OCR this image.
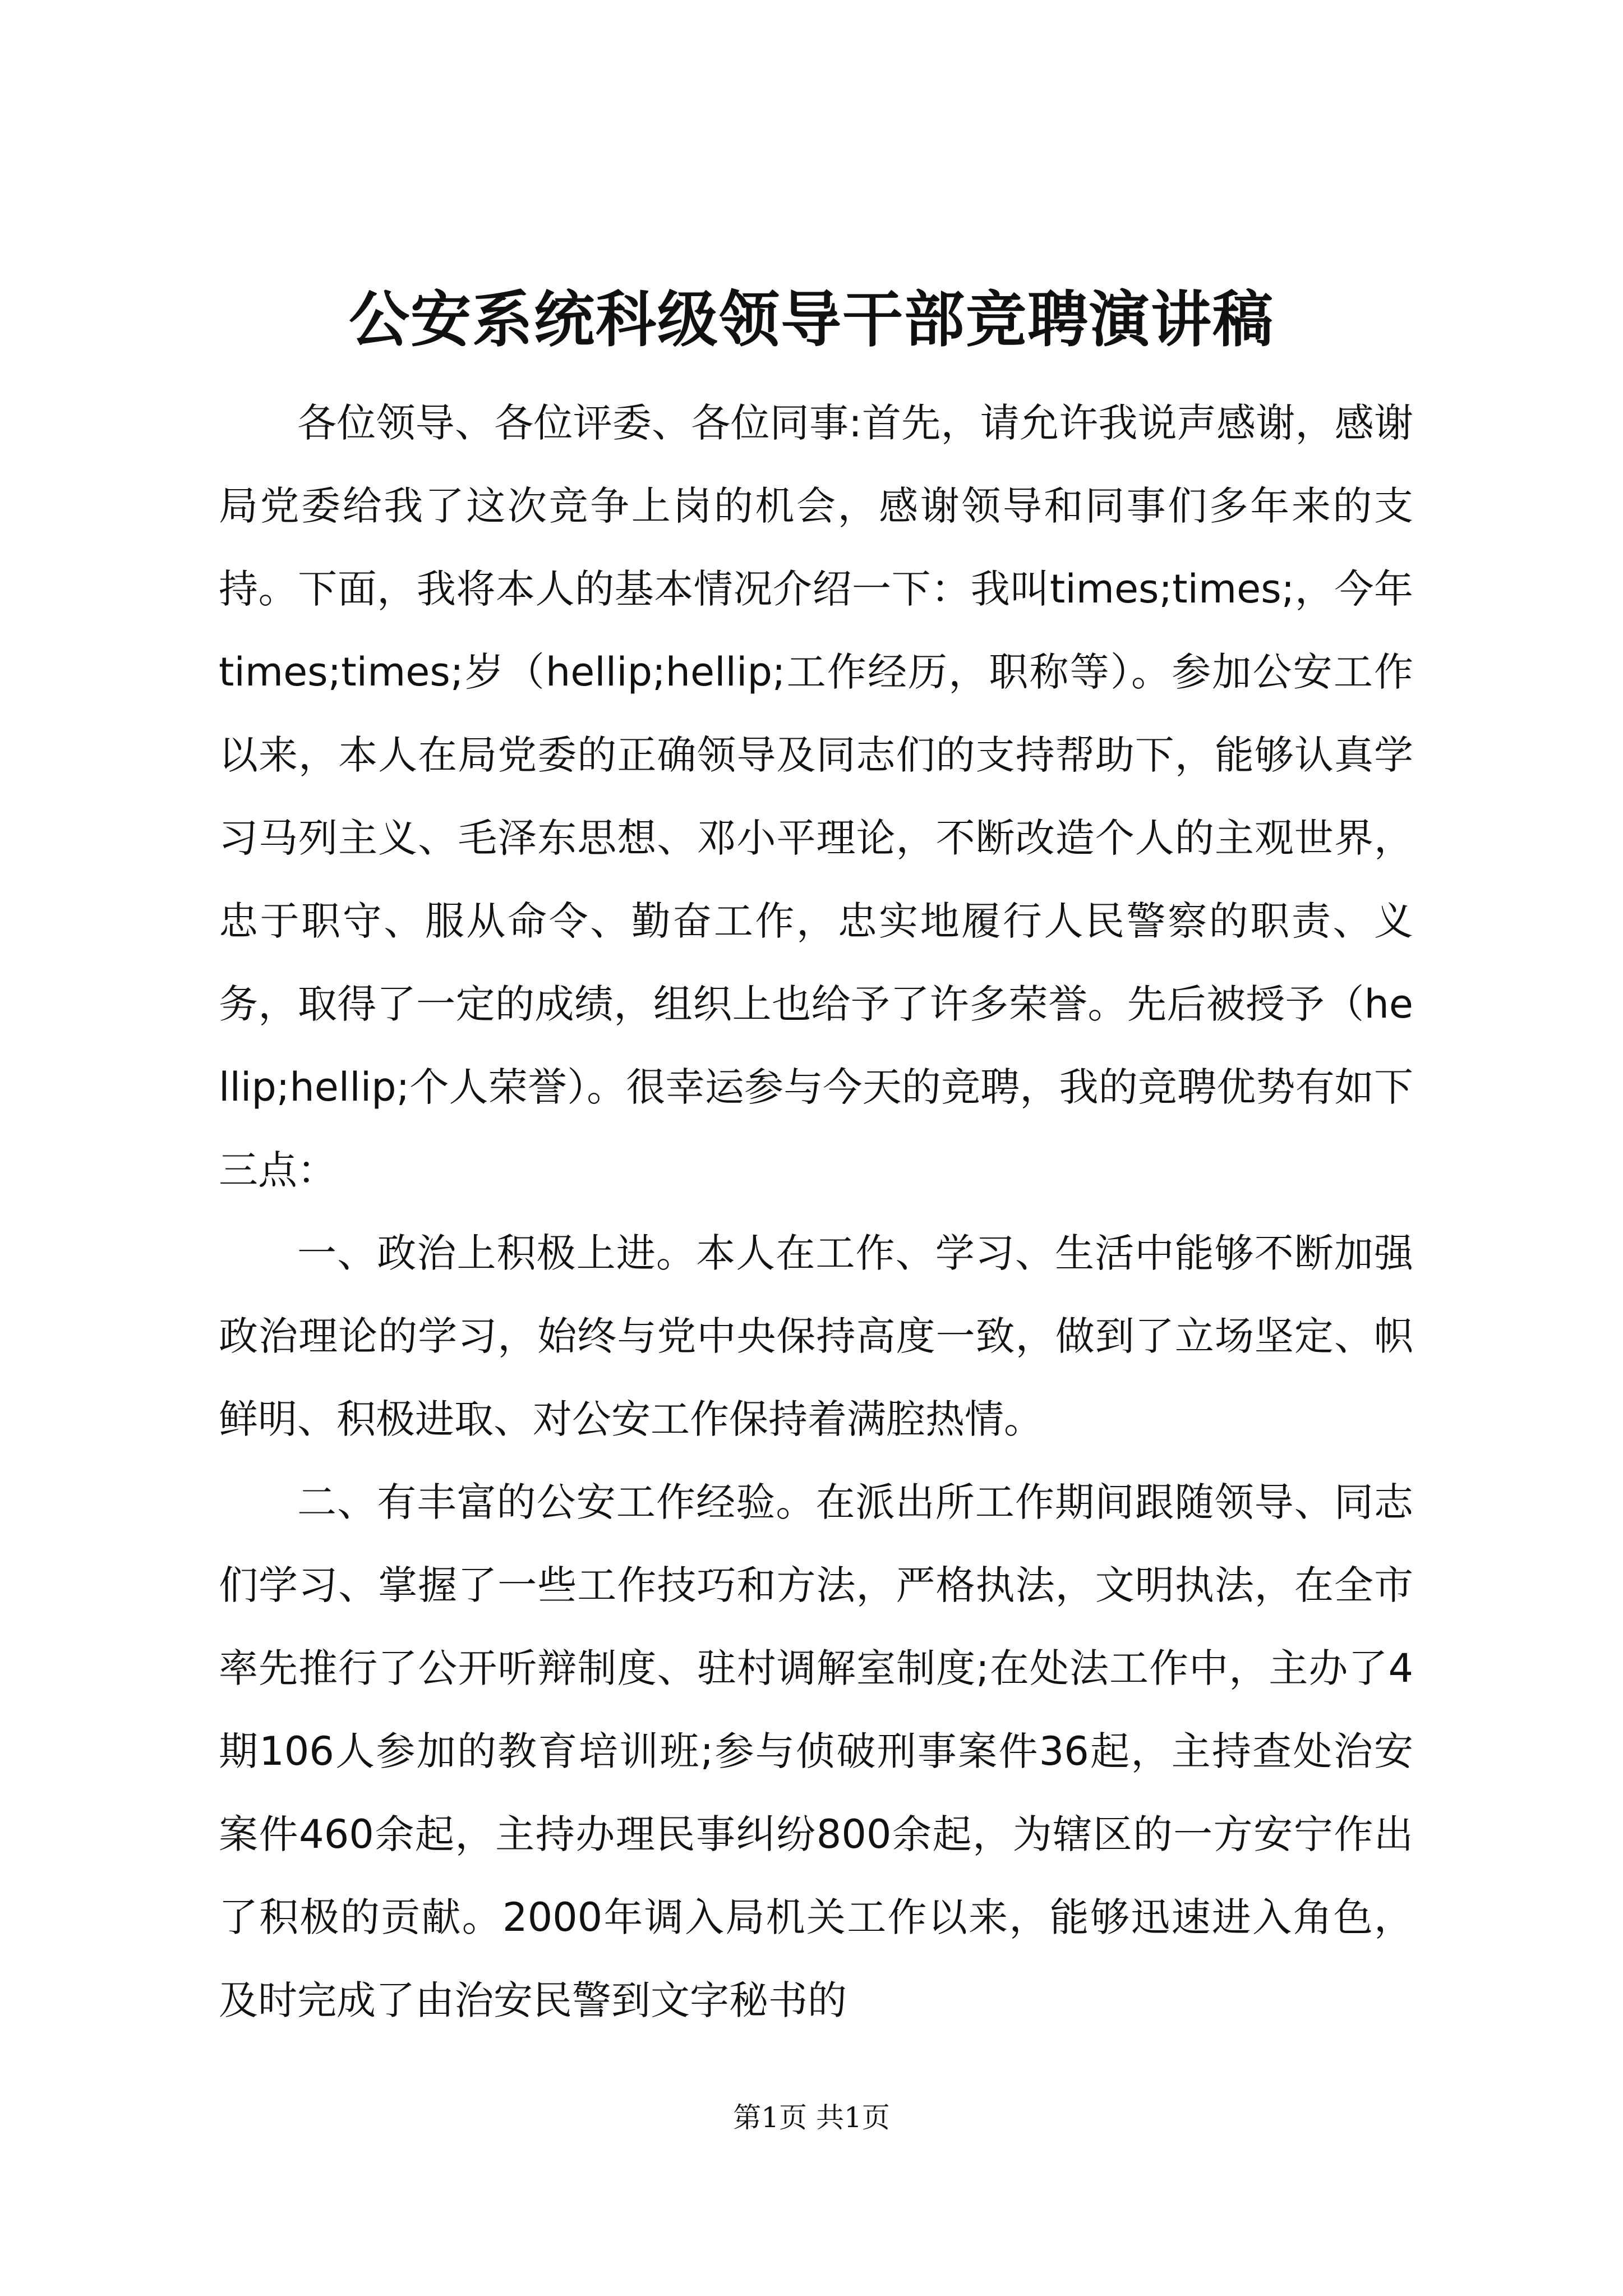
公安系统科级领导干部竞聘演讲稿

各位领导、各位评委、各位同事:首先，请允许我说声感谢，感谢局党委给我了这次竞争上岗的机会，感谢领导和同事们多年来的支持。下面，我将本人的基本情况介绍一下：我叫times;times;，今年times;times;岁（hellip;hellip;工作经历，职称等）。参加公安工作以来，本人在局党委的正确领导及同志们的支持帮助下，能够认真学习马列主义、毛泽东思想、邓小平理论，不断改造个人的主观世界，忠于职守、服从命令、勤奋工作，忠实地履行人民警察的职责、义务，取得了一定的成绩，组织上也给予了许多荣誉。先后被授予（hellip;hellip;个人荣誉）。很幸运参与今天的竞聘，我的竞聘优势有如下三点：

一、政治上积极上进。本人在工作、学习、生活中能够不断加强政治理论的学习，始终与党中央保持高度一致，做到了立场坚定、帜鲜明、积极进取、对公安工作保持着满腔热情。

二、有丰富的公安工作经验。在派出所工作期间跟随领导、同志们学习、掌握了一些工作技巧和方法，严格执法，文明执法，在全市率先推行了公开听辩制度、驻村调解室制度;在处法工作中，主办了4期106人参加的教育培训班;参与侦破刑事案件36起，主持查处治安案件460余起，主持办理民事纠纷800余起，为辖区的一方安宁作出了积极的贡献。2000年调入局机关工作以来，能够迅速进入角色，及时完成了由治安民警到文字秘书的

第1页 共1页
